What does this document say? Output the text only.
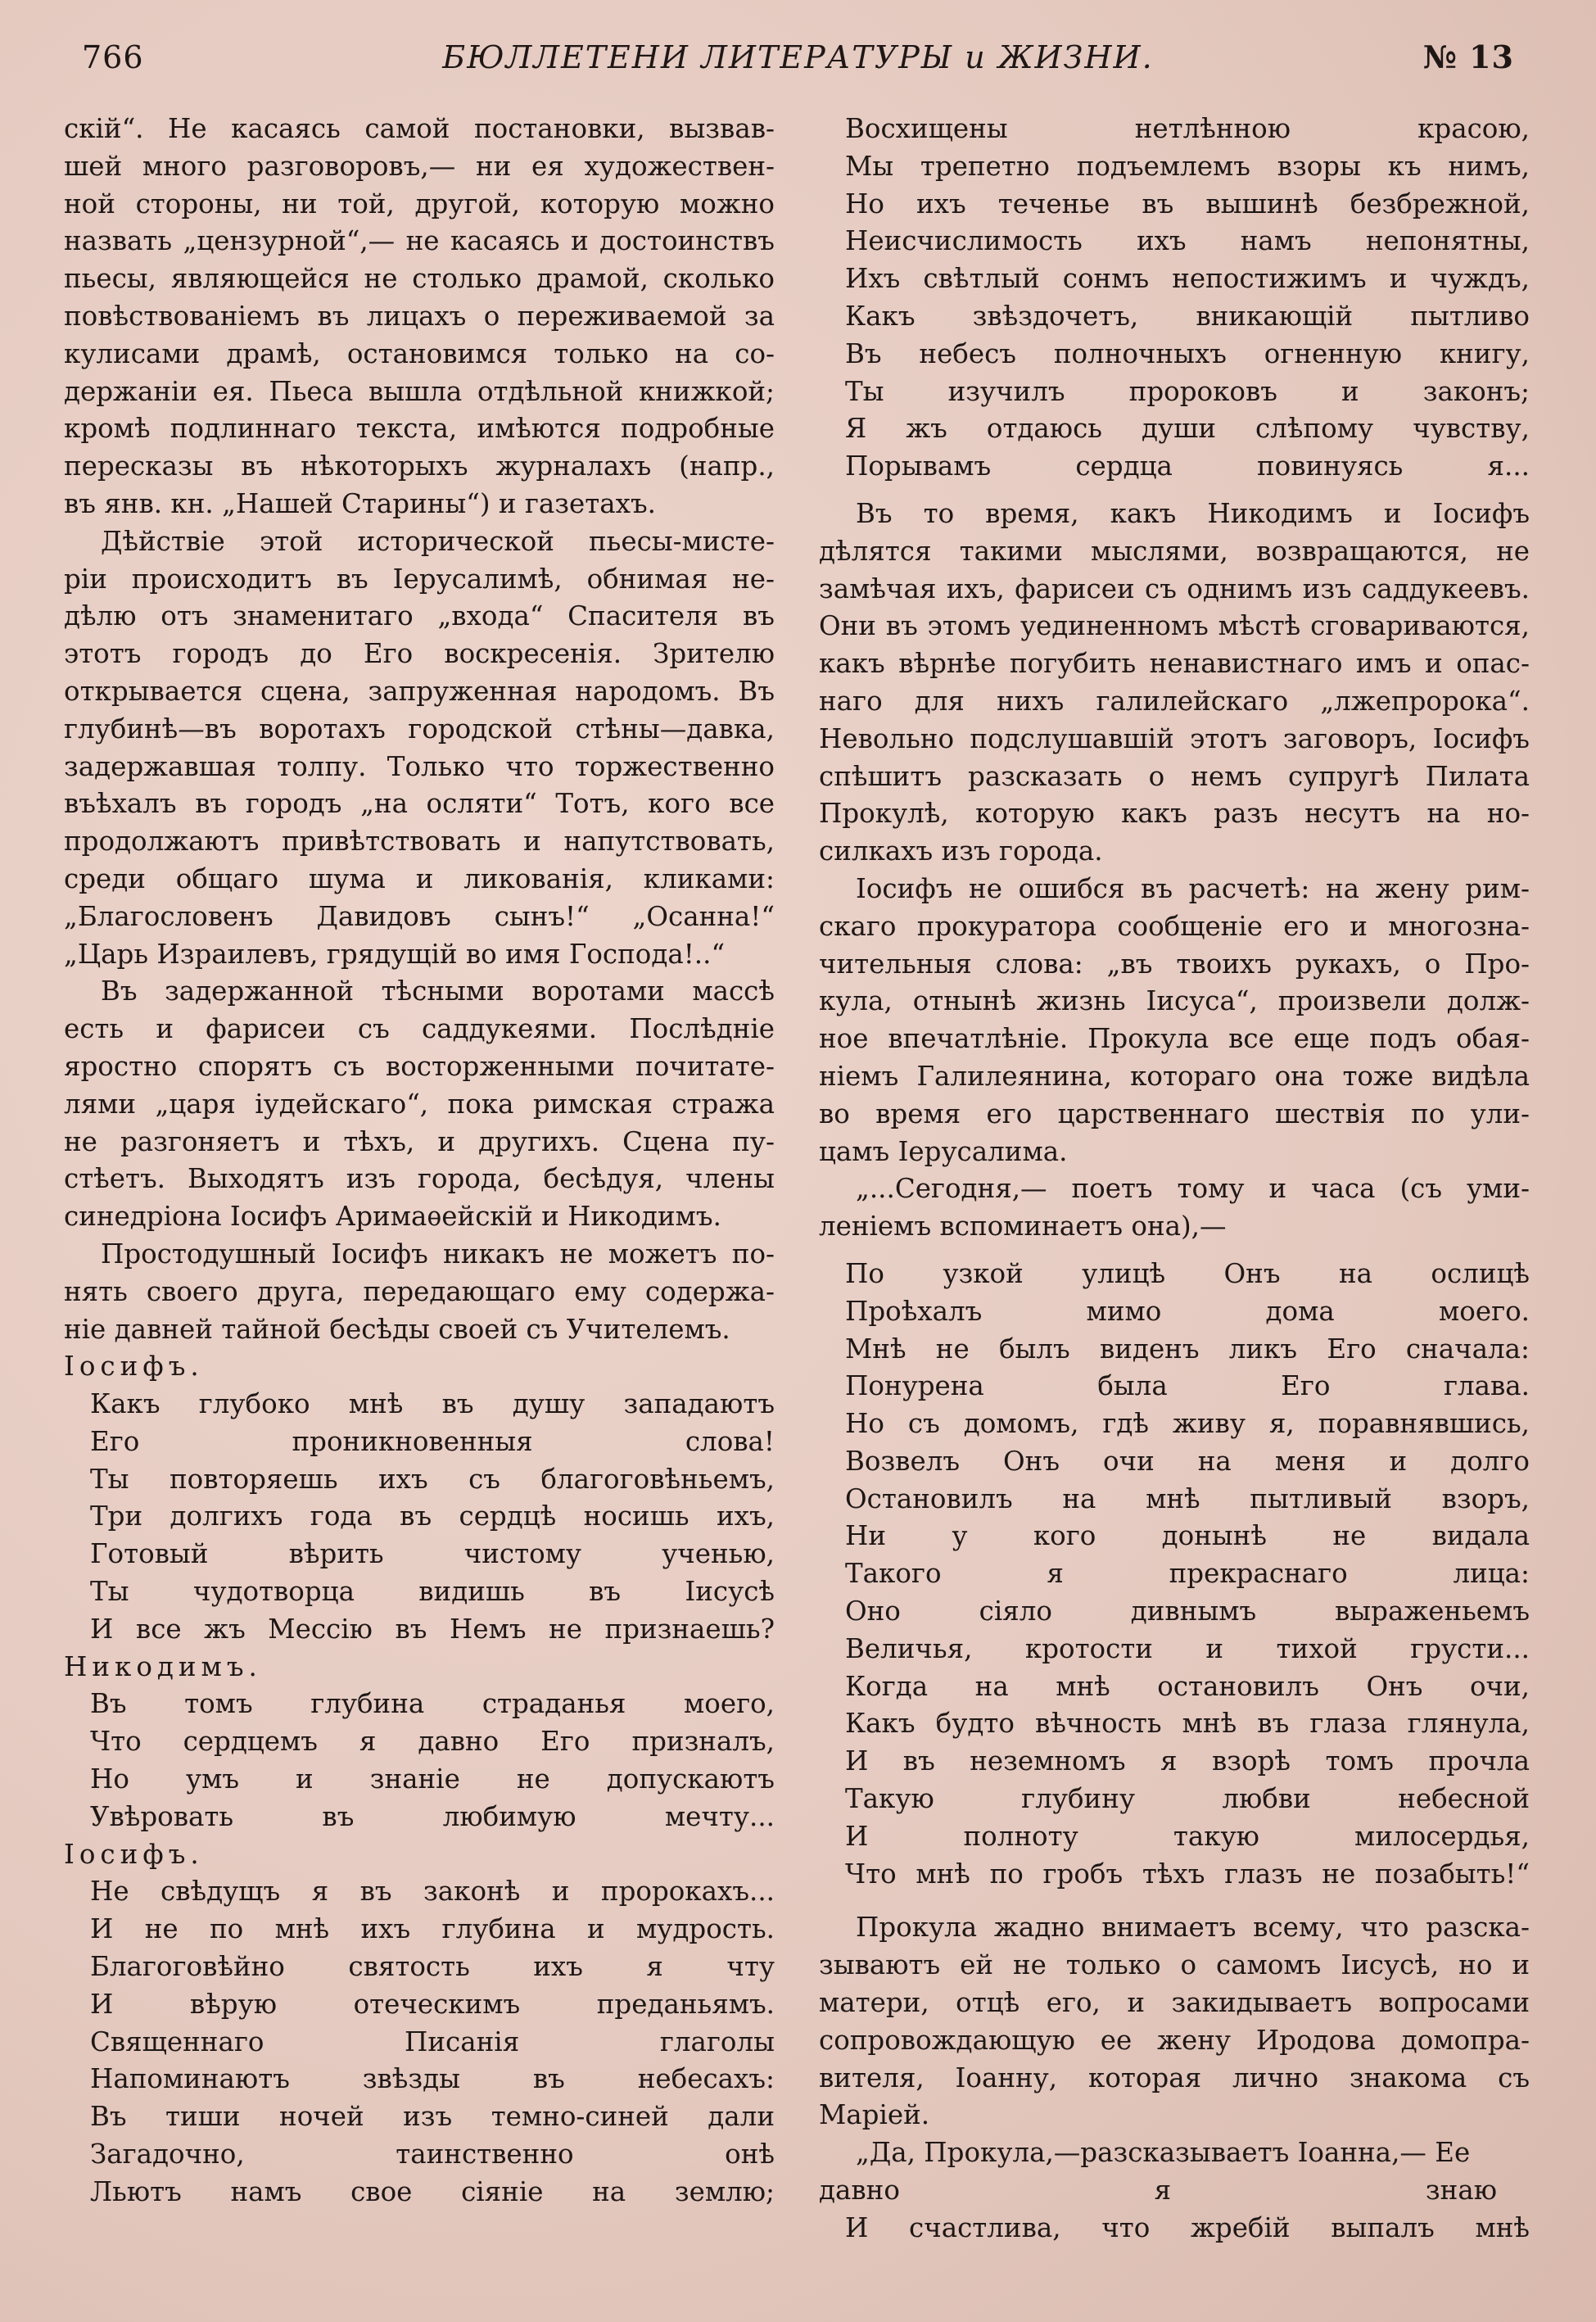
766	БЮЛЛЕТЕНИ ЛИТЕРАТУРЫ и ЖИЗНИ.	№ 13

скій“. Не касаясь самой постановки, вызвав-

шей много разговоровъ,— ни ея художествен-

ной стороны, ни той, другой, которую можно

назвать „цензурной“,— не касаясь и достоинствъ

пьесы, являющейся не столько драмой, сколько

повѣствованіемъ въ лицахъ о переживаемой за

кулисами драмѣ, остановимся только на со-

держаніи ея. Пьеса вышла отдѣльной книжкой;

кромѣ подлиннаго текста, имѣются подробные

пересказы въ нѣкоторыхъ журналахъ (напр.,

въ янв. кн. „Нашей Старины“) и газетахъ.

Дѣйствіе этой исторической пьесы-мистe-

ріи происходитъ въ Іерусалимѣ, обнимая не-

дѣлю отъ знаменитаго „входа“ Спасителя въ

этотъ городъ до Его воскресенія. Зрителю

открывается сцена, запруженная народомъ. Въ

глубинѣ—въ воротахъ городской стѣны—давка,

задержавшая толпу. Только что торжественно

въѣхалъ въ городъ „на осляти“ Тотъ, кого все

продолжаютъ привѣтствовать и напутствовать,

среди общаго шума и ликованія, кликами:

„Благословенъ Давидовъ сынъ!“ „Осанна!“

„Царь Израилевъ, грядущій во имя Господа!..“

Въ задержанной тѣсными воротами массѣ

есть и фарисеи съ саддукеями. Послѣдніе

яростно спорятъ съ восторженными почитате-

лями „царя іудейскаго“, пока римская стража

не разгоняетъ и тѣхъ, и другихъ. Сцена пу-

стѣетъ. Выходятъ изъ города, бесѣдуя, члены

синедріона Іосифъ Аримаѳейскій и Никодимъ.

Простодушный Іосифъ никакъ не можетъ по-

нять своего друга, передающаго ему содержа-

ніе давней тайной бесѣды своей съ Учителемъ.

Іосифъ.

Какъ глубоко мнѣ въ душу западаютъ

Его проникновенныя слова!

Ты повторяешь ихъ съ благоговѣньемъ,

Три долгихъ года въ сердцѣ носишь ихъ,

Готовый вѣрить чистому ученью,

Ты чудотворца видишь въ Іисусѣ

И все жъ Мессію въ Немъ не признаешь?

Никодимъ.

Въ томъ глубина страданья моего,

Что сердцемъ я давно Его призналъ,

Но умъ и знаніе не допускаютъ

Увѣровать въ любимую мечту...

Іосифъ.

Не свѣдущъ я въ законѣ и пророкахъ...

И не по мнѣ ихъ глубина и мудрость.

Благоговѣйно святость ихъ я чту

И вѣрую отеческимъ преданьямъ.

Священнаго Писанія глаголы

Напоминаютъ звѣзды въ небесахъ:

Въ тиши ночей изъ темно-синей дали

Загадочно, таинственно онѣ

Льютъ намъ свое сіяніе на землю;

Восхищены нетлѣнною красою,

Мы трепетно подъемлемъ взоры къ нимъ,

Но ихъ теченье въ вышинѣ безбрежной,

Неисчислимость ихъ намъ непонятны,

Ихъ свѣтлый сонмъ непостижимъ и чуждъ,

Какъ звѣздочетъ, вникающій пытливо

Въ небесъ полночныхъ огненную книгу,

Ты изучилъ пророковъ и законъ;

Я жъ отдаюсь души слѣпому чувству,

Порывамъ сердца повинуясь я...

Въ то время, какъ Никодимъ и Іосифъ

дѣлятся такими мыслями, возвращаются, не

замѣчая ихъ, фарисеи съ однимъ изъ саддукеевъ.

Они въ этомъ уединенномъ мѣстѣ сговариваются,

какъ вѣрнѣе погубить ненавистнаго имъ и опас-

наго для нихъ галилейскаго „лжепророка“.

Невольно подслушавшій этотъ заговоръ, Іосифъ

спѣшитъ разсказать о немъ супругѣ Пилата

Прокулѣ, которую какъ разъ несутъ на но-

силкахъ изъ города.

Іосифъ не ошибся въ расчетѣ: на жену рим-

скаго прокуратора сообщеніе его и многозна-

чительныя слова: „въ твоихъ рукахъ, о Про-

кула, отнынѣ жизнь Іисуса“, произвели долж-

ное впечатлѣніе. Прокула все еще подъ обая-

ніемъ Галилеянина, котораго она тоже видѣла

во время его царственнаго шествія по ули-

цамъ Іерусалима.

„...Сегодня,— поетъ тому и часа (съ уми-

леніемъ вспоминаетъ она),—

По узкой улицѣ Онъ на ослицѣ

Проѣхалъ мимо дома моего.

Мнѣ не былъ виденъ ликъ Его сначала:

Понурена была Его глава.

Но съ домомъ, гдѣ живу я, поравнявшись,

Возвелъ Онъ очи на меня и долго

Остановилъ на мнѣ пытливый взоръ,

Ни у кого донынѣ не видала

Такого я прекраснаго лица:

Оно сіяло дивнымъ выраженьемъ

Величья, кротости и тихой грусти...

Когда на мнѣ остановилъ Онъ очи,

Какъ будто вѣчность мнѣ въ глаза глянула,

И въ неземномъ я взорѣ томъ прочла

Такую глубину любви небесной

И полноту такую милосердья,

Что мнѣ по гробъ тѣхъ глазъ не позабыть!“

Прокула жадно внимаетъ всему, что разска-

зываютъ ей не только о самомъ Іисусѣ, но и

матери, отцѣ его, и закидываетъ вопросами

сопровождающую ее жену Иродова домопра-

вителя, Іоанну, которая лично знакома съ

Маріей.

„Да, Прокула,—разсказываетъ Іоанна,— Ее

давно я знаю

И счастлива, что жребій выпалъ мнѣ
